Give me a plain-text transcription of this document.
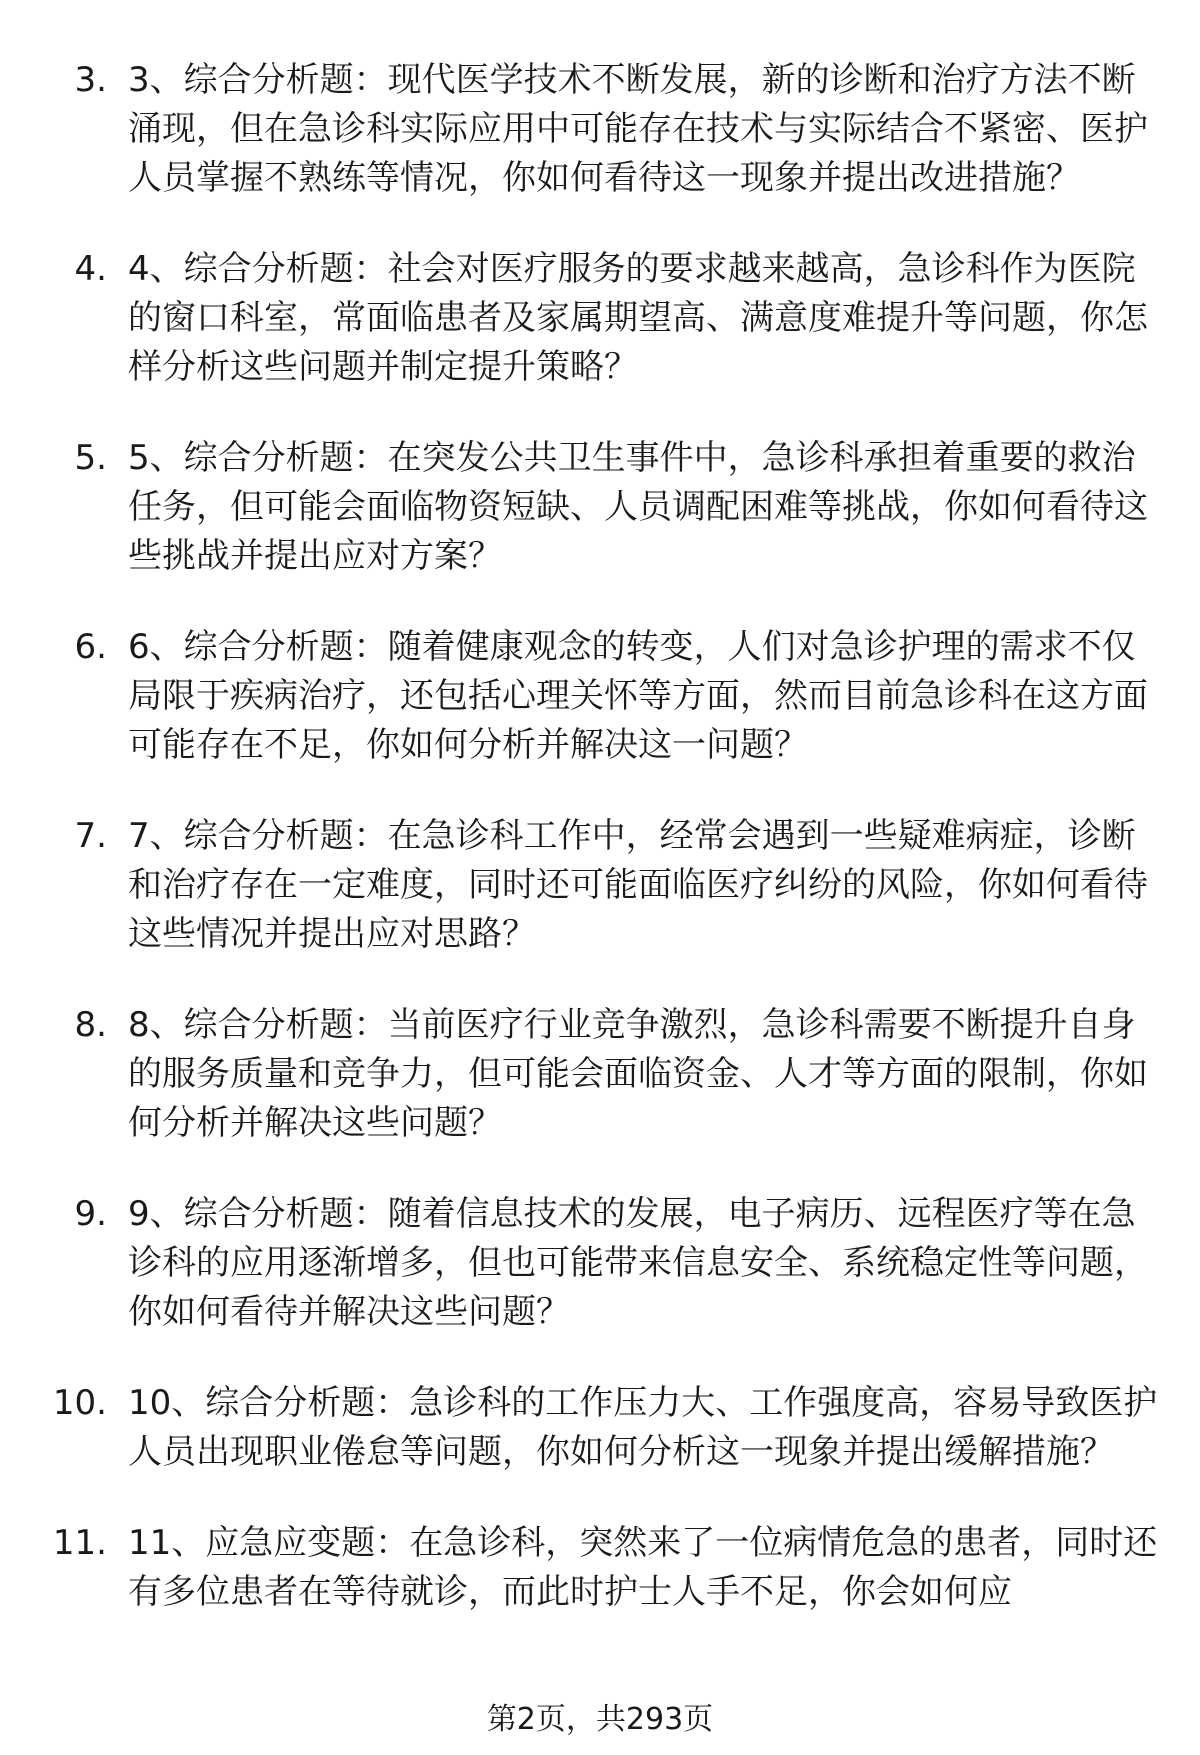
3. 3、综合分析题：现代医学技术不断发展，新的诊断和治疗方法不断涌现，但在急诊科实际应用中可能存在技术与实际结合不紧密、医护人员掌握不熟练等情况，你如何看待这一现象并提出改进措施？
4. 4、综合分析题：社会对医疗服务的要求越来越高，急诊科作为医院的窗口科室，常面临患者及家属期望高、满意度难提升等问题，你怎样分析这些问题并制定提升策略？
5. 5、综合分析题：在突发公共卫生事件中，急诊科承担着重要的救治任务，但可能会面临物资短缺、人员调配困难等挑战，你如何看待这些挑战并提出应对方案？
6. 6、综合分析题：随着健康观念的转变，人们对急诊护理的需求不仅局限于疾病治疗，还包括心理关怀等方面，然而目前急诊科在这方面可能存在不足，你如何分析并解决这一问题？
7. 7、综合分析题：在急诊科工作中，经常会遇到一些疑难病症，诊断和治疗存在一定难度，同时还可能面临医疗纠纷的风险，你如何看待这些情况并提出应对思路？
8. 8、综合分析题：当前医疗行业竞争激烈，急诊科需要不断提升自身的服务质量和竞争力，但可能会面临资金、人才等方面的限制，你如何分析并解决这些问题？
9. 9、综合分析题：随着信息技术的发展，电子病历、远程医疗等在急诊科的应用逐渐增多，但也可能带来信息安全、系统稳定性等问题，你如何看待并解决这些问题？
10. 10、综合分析题：急诊科的工作压力大、工作强度高，容易导致医护人员出现职业倦怠等问题，你如何分析这一现象并提出缓解措施？
11. 11、应急应变题：在急诊科，突然来了一位病情危急的患者，同时还有多位患者在等待就诊，而此时护士人手不足，你会如何应
第2页，共293页
